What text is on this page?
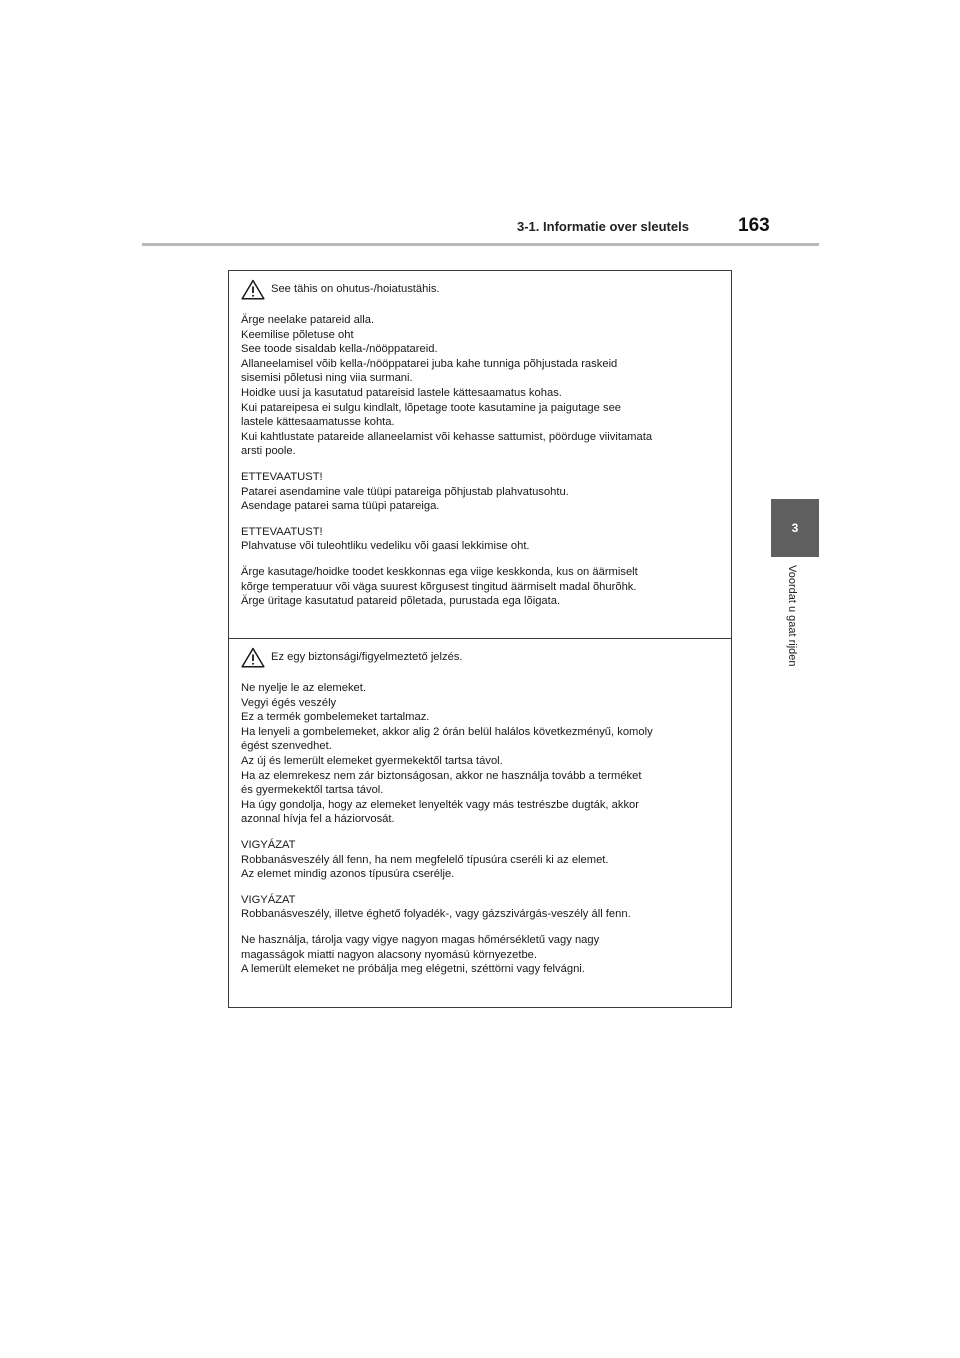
3-1. Informatie over sleutels	163
3
Voordat u gaat rijden
See tähis on ohutus-/hoiatustähis.
Ärge neelake patareid alla.
Keemilise põletuse oht
See toode sisaldab kella-/nööppatareid.
Allaneelamisel võib kella-/nööppatarei juba kahe tunniga põhjustada raskeid
sisemisi põletusi ning viia surmani.
Hoidke uusi ja kasutatud patareisid lastele kättesaamatus kohas.
Kui patareipesa ei sulgu kindlalt, lõpetage toote kasutamine ja paigutage see
lastele kättesaamatusse kohta.
Kui kahtlustate patareide allaneelamist või kehasse sattumist, pöörduge viivitamata
arsti poole.
ETTEVAATUST!
Patarei asendamine vale tüüpi patareiga põhjustab plahvatusohtu.
Asendage patarei sama tüüpi patareiga.
ETTEVAATUST!
Plahvatuse või tuleohtliku vedeliku või gaasi lekkimise oht.
Ärge kasutage/hoidke toodet keskkonnas ega viige keskkonda, kus on äärmiselt
kõrge temperatuur või väga suurest kõrgusest tingitud äärmiselt madal õhurõhk.
Ärge üritage kasutatud patareid põletada, purustada ega lõigata.
Ez egy biztonsági/figyelmeztető jelzés.
Ne nyelje le az elemeket.
Vegyi égés veszély
Ez a termék gombelemeket tartalmaz.
Ha lenyeli a gombelemeket, akkor alig 2 órán belül halálos következményű, komoly
égést szenvedhet.
Az új és lemerült elemeket gyermekektől tartsa távol.
Ha az elemrekesz nem zár biztonságosan, akkor ne használja tovább a terméket
és gyermekektől tartsa távol.
Ha úgy gondolja, hogy az elemeket lenyelték vagy más testrészbe dugták, akkor
azonnal hívja fel a háziorvosát.
VIGYÁZAT
Robbanásveszély áll fenn, ha nem megfelelő típusúra cseréli ki az elemet.
Az elemet mindig azonos típusúra cserélje.
VIGYÁZAT
Robbanásveszély, illetve éghető folyadék-, vagy gázszivárgás-veszély áll fenn.
Ne használja, tárolja vagy vigye nagyon magas hőmérsékletű vagy nagy
magasságok miatti nagyon alacsony nyomású környezetbe.
A lemerült elemeket ne próbálja meg elégetni, széttörni vagy felvágni.
